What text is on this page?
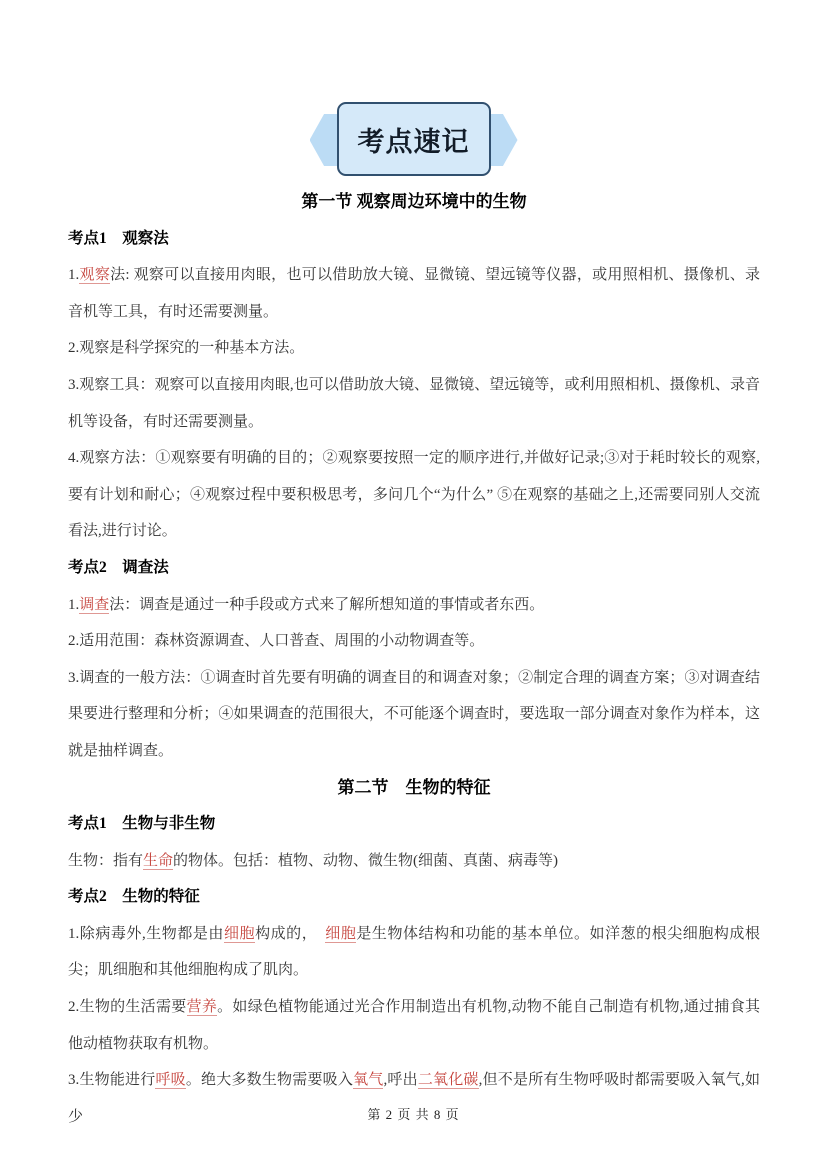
考点速记
第一节 观察周边环境中的生物
考点1　观察法

1.观察法: 观察可以直接用肉眼，也可以借助放大镜、显微镜、望远镜等仪器，或用照相机、摄像机、录音机等工具，有时还需要测量。

2.观察是科学探究的一种基本方法。

3.观察工具：观察可以直接用肉眼,也可以借助放大镜、显微镜、望远镜等，或利用照相机、摄像机、录音机等设备，有时还需要测量。

4.观察方法：①观察要有明确的目的；②观察要按照一定的顺序进行,并做好记录;③对于耗时较长的观察,要有计划和耐心；④观察过程中要积极思考，多问几个“为什么” ⑤在观察的基础之上,还需要同别人交流看法,进行讨论。

考点2　调查法

1.调查法：调查是通过一种手段或方式来了解所想知道的事情或者东西。

2.适用范围：森林资源调查、人口普查、周围的小动物调查等。

3.调查的一般方法：①调查时首先要有明确的调查目的和调查对象；②制定合理的调查方案；③对调查结果要进行整理和分析；④如果调查的范围很大，不可能逐个调查时，要选取一部分调查对象作为样本，这就是抽样调查。

第二节　生物的特征
考点1　生物与非生物

生物：指有生命的物体。包括：植物、动物、微生物(细菌、真菌、病毒等)

考点2　生物的特征

1.除病毒外,生物都是由细胞构成的，　细胞是生物体结构和功能的基本单位。如洋葱的根尖细胞构成根尖；肌细胞和其他细胞构成了肌肉。

2.生物的生活需要营养。如绿色植物能通过光合作用制造出有机物,动物不能自己制造有机物,通过捕食其他动植物获取有机物。

3.生物能进行呼吸。绝大多数生物需要吸入氧气,呼出二氧化碳,但不是所有生物呼吸时都需要吸入氧气,如少	第 2 页 共 8 页
